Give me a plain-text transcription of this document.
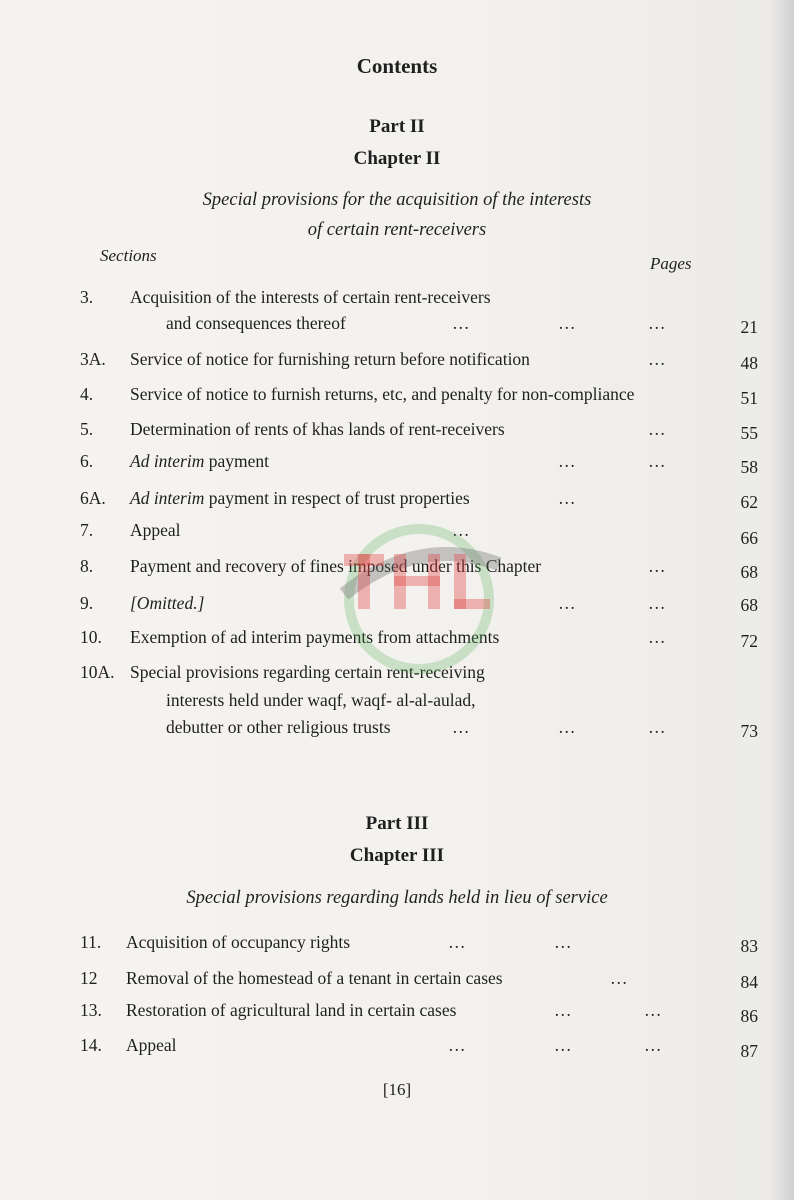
Contents
Part II
Chapter II
Special provisions for the acquisition of the interests
of certain rent-receivers
Sections	Pages
3. Acquisition of the interests of certain rent-receivers
and consequences thereof	…	…	…	21
3A. Service of notice for furnishing return before notification	…	48
4. Service of notice to furnish returns, etc, and penalty for non-compliance	51
5. Determination of rents of khas lands of rent-receivers	…	55
6. Ad interim payment	…	…	58
6A. Ad interim payment in respect of trust properties	…	62
7. Appeal	…	66
8. Payment and recovery of fines imposed under this Chapter	…	68
9. [Omitted.]	…	…	68
10. Exemption of ad interim payments from attachments	…	72
10A. Special provisions regarding certain rent-receiving
interests held under waqf, waqf- al-al-aulad,
debutter or other religious trusts	…	…	…	73
Part III
Chapter III
Special provisions regarding lands held in lieu of service
11. Acquisition of occupancy rights	…	…	83
12 Removal of the homestead of a tenant in certain cases	…	84
13. Restoration of agricultural land in certain cases	…	…	86
14. Appeal	…	…	…	87
[16]
